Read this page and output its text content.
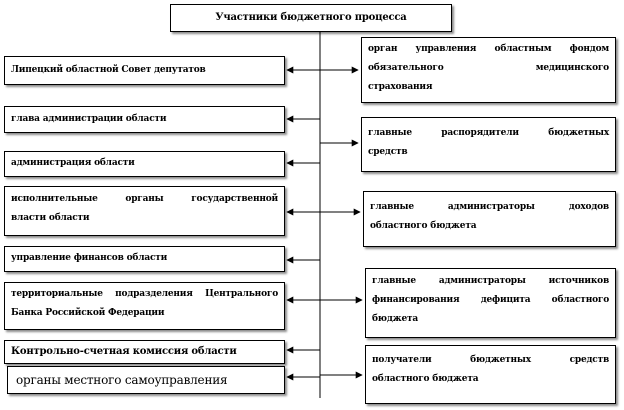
Участники бюджетного процесса
Липецкий областной Совет депутатов
глава администрации области
администрация области
исполнительные органы государственной
власти области
управление финансов области
территориальные подразделения Центрального
Банка Российской Федерации
Контрольно-счетная комиссия области
органы местного самоуправления
орган управления областным фондом
обязательного медицинского
страхования
главные распорядители бюджетных
средств
главные администраторы доходов
областного бюджета
главные администраторы источников
финансирования дефицита областного
бюджета
получатели бюджетных средств
областного бюджета
